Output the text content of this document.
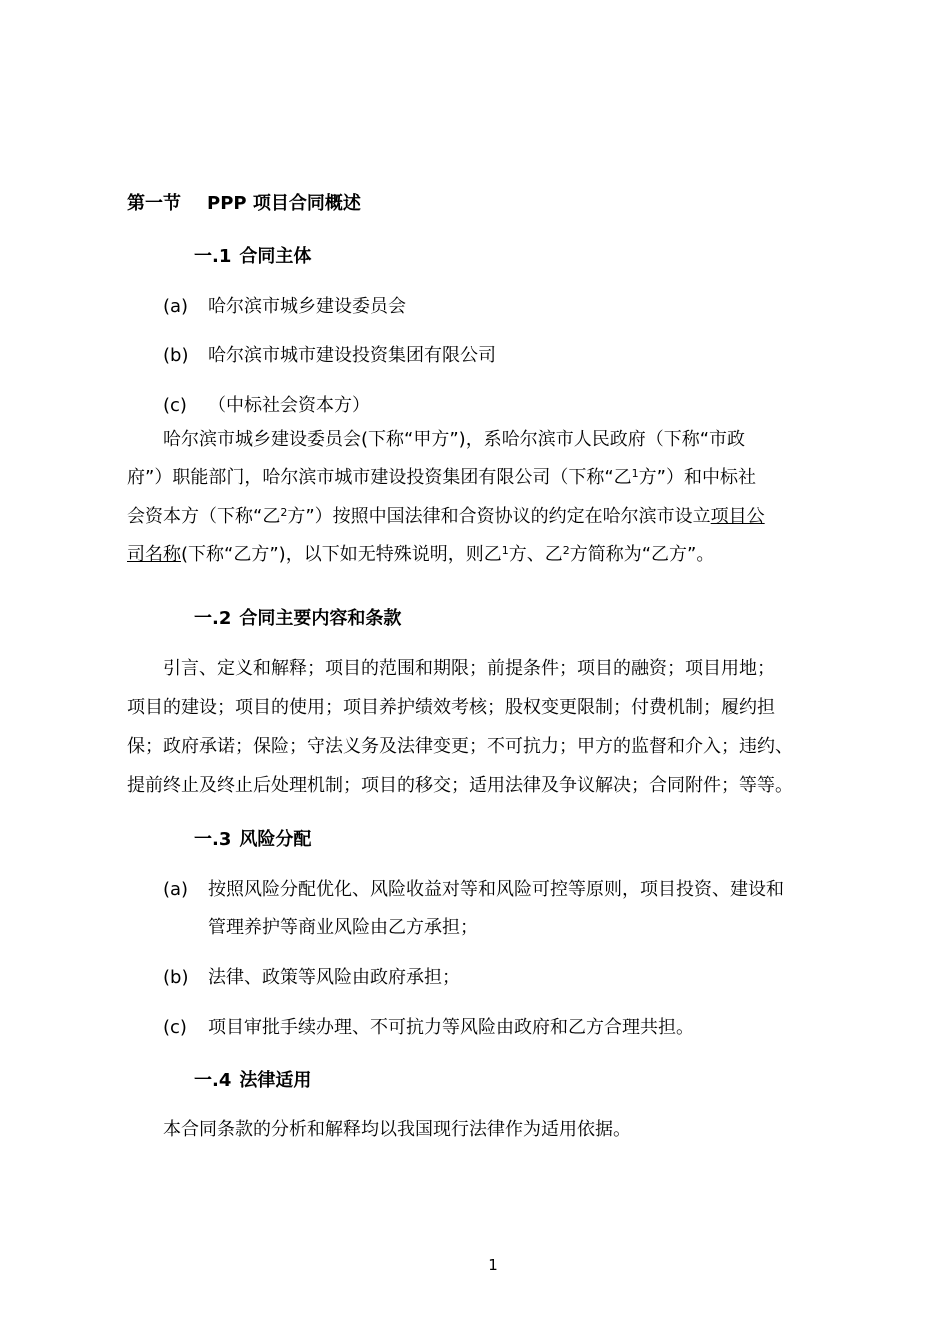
第一节 PPP 项目合同概述
一.1 合同主体
(a) 哈尔滨市城乡建设委员会
(b) 哈尔滨市城市建设投资集团有限公司
(c) （中标社会资本方）
哈尔滨市城乡建设委员会(下称“甲方”)，系哈尔滨市人民政府（下称“市政
府”）职能部门，哈尔滨市城市建设投资集团有限公司（下称“乙$^1$方”）和中标社
会资本方（下称“乙$^2$方”）按照中国法律和合资协议的约定在哈尔滨市设立项目公
司名称(下称“乙方”)，以下如无特殊说明，则乙$^1$方、乙$^2$方简称为“乙方”。
一.2 合同主要内容和条款
引言、定义和解释；项目的范围和期限；前提条件；项目的融资；项目用地；
项目的建设；项目的使用；项目养护绩效考核；股权变更限制；付费机制；履约担
保；政府承诺；保险；守法义务及法律变更；不可抗力；甲方的监督和介入；违约、
提前终止及终止后处理机制；项目的移交；适用法律及争议解决；合同附件；等等。
一.3 风险分配
(a) 按照风险分配优化、风险收益对等和风险可控等原则，项目投资、建设和
管理养护等商业风险由乙方承担；
(b) 法律、政策等风险由政府承担；
(c) 项目审批手续办理、不可抗力等风险由政府和乙方合理共担。
一.4 法律适用
本合同条款的分析和解释均以我国现行法律作为适用依据。
1
